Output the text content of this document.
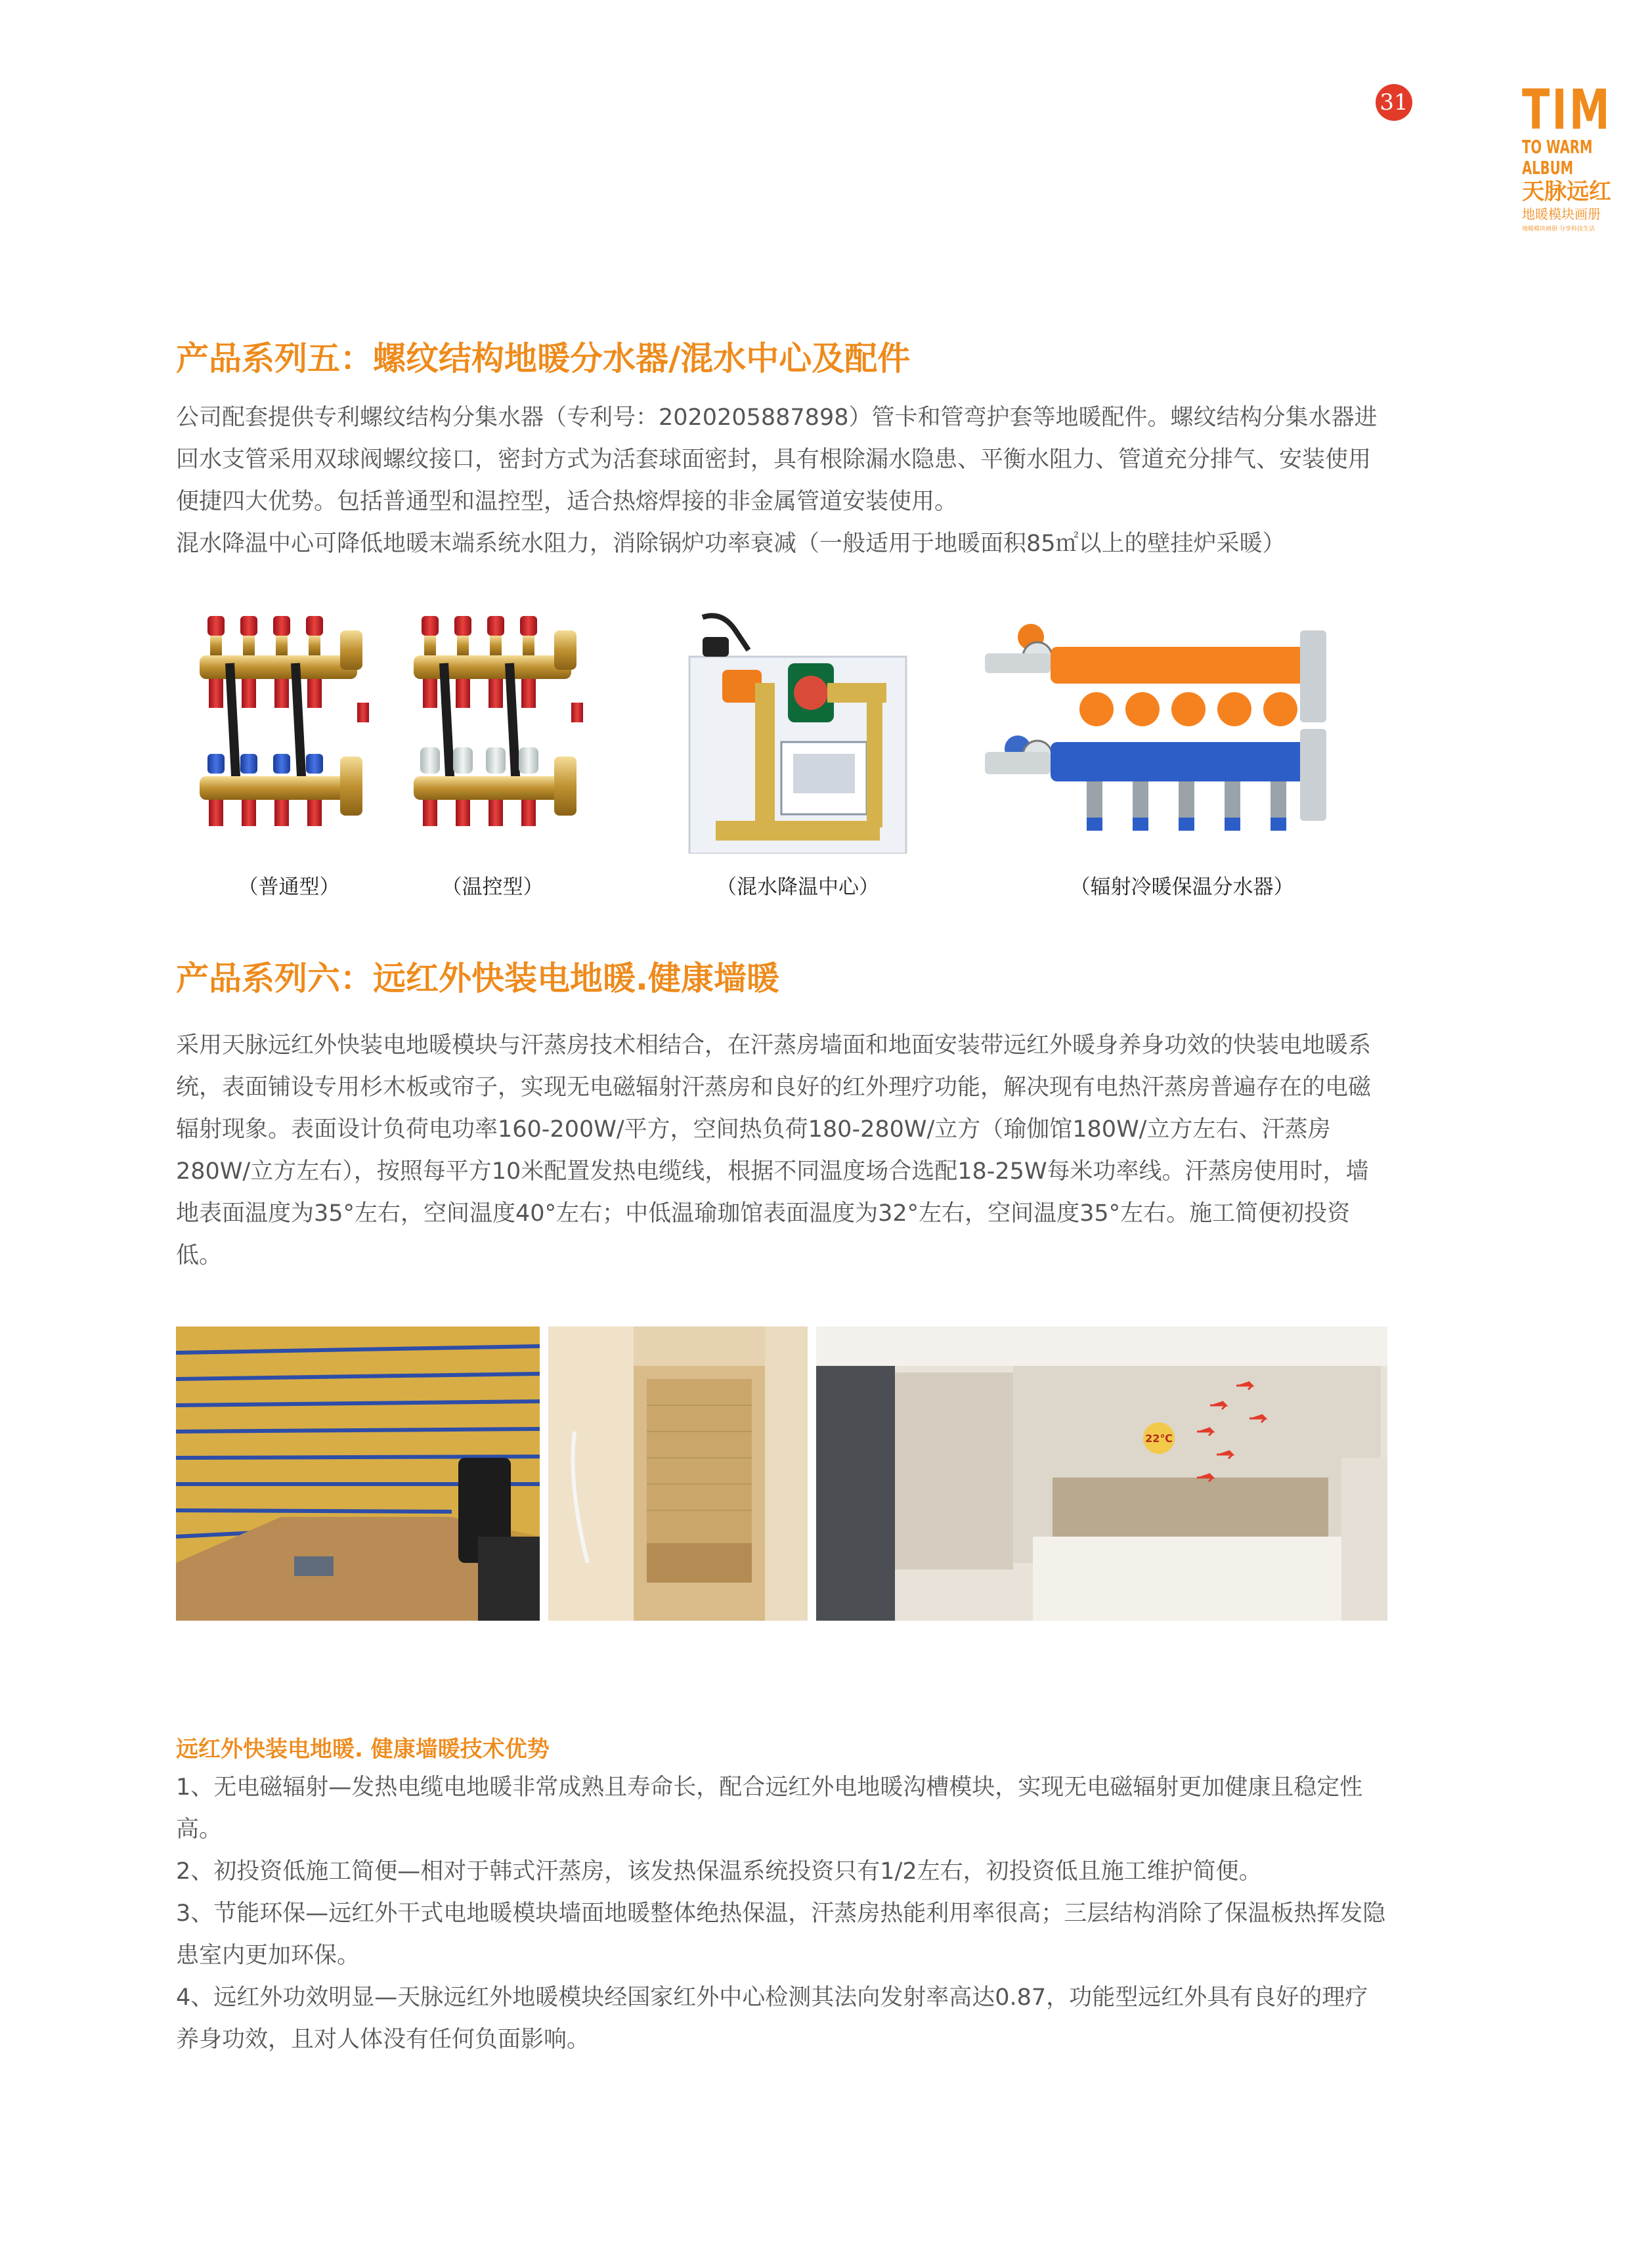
31 TIM
TO WARM
ALBUM
天脉远红
地暖模块画册
地暖模块画册 分享科技生活
产品系列五：螺纹结构地暖分水器/混水中心及配件

公司配套提供专利螺纹结构分集水器（专利号：2020205887898）管卡和管弯护套等地暖配件。螺纹结构分集水器进回水支管采用双球阀螺纹接口，密封方式为活套球面密封，具有根除漏水隐患、平衡水阻力、管道充分排气、安装使用便捷四大优势。包括普通型和温控型，适合热熔焊接的非金属管道安装使用。

混水降温中心可降低地暖末端系统水阻力，消除锅炉功率衰减（一般适用于地暖面积85㎡以上的壁挂炉采暖）

（普通型）	（温控型）	（混水降温中心）	（辐射冷暖保温分水器）
产品系列六：远红外快装电地暖.健康墙暖

采用天脉远红外快装电地暖模块与汗蒸房技术相结合，在汗蒸房墙面和地面安装带远红外暖身养身功效的快装电地暖系统，表面铺设专用杉木板或帘子，实现无电磁辐射汗蒸房和良好的红外理疗功能，解决现有电热汗蒸房普遍存在的电磁辐射现象。表面设计负荷电功率160-200W/平方，空间热负荷180-280W/立方（瑜伽馆180W/立方左右、汗蒸房280W/立方左右），按照每平方10米配置发热电缆线，根据不同温度场合选配18-25W每米功率线。汗蒸房使用时，墙地表面温度为35°左右，空间温度40°左右；中低温瑜珈馆表面温度为32°左右，空间温度35°左右。施工简便初投资低。

22℃
远红外快装电地暖. 健康墙暖技术优势

1、无电磁辐射—发热电缆电地暖非常成熟且寿命长，配合远红外电地暖沟槽模块，实现无电磁辐射更加健康且稳定性高。

2、初投资低施工简便—相对于韩式汗蒸房，该发热保温系统投资只有1/2左右，初投资低且施工维护简便。

3、节能环保—远红外干式电地暖模块墙面地暖整体绝热保温，汗蒸房热能利用率很高；三层结构消除了保温板热挥发隐患室内更加环保。

4、远红外功效明显—天脉远红外地暖模块经国家红外中心检测其法向发射率高达0.87，功能型远红外具有良好的理疗养身功效，且对人体没有任何负面影响。
